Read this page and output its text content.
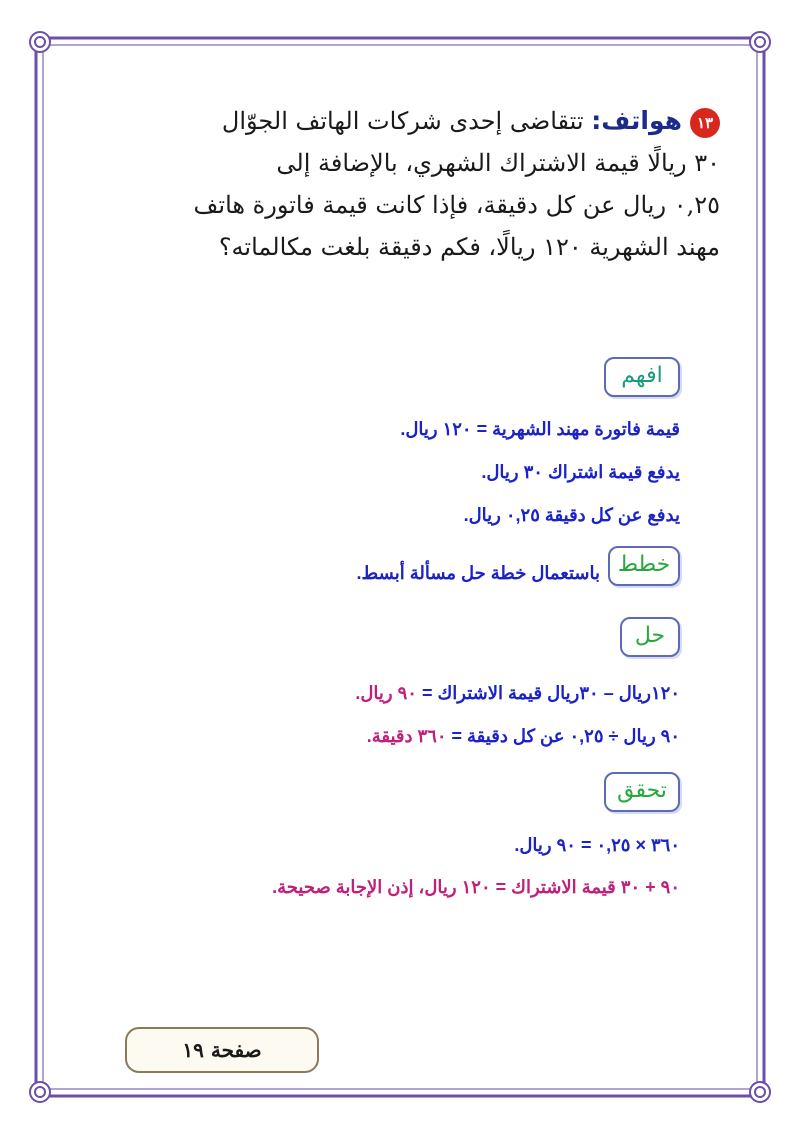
١٣هواتف: تتقاضى إحدى شركات الهاتف الجوّال
٣٠ ريالًا قيمة الاشتراك الشهري، بالإضافة إلى
٠,٢٥ ريال عن كل دقيقة، فإذا كانت قيمة فاتورة هاتف
مهند الشهرية ١٢٠ ريالًا، فكم دقيقة بلغت مكالماته؟
افهم
قيمة فاتورة مهند الشهرية = ١٢٠ ريال.
يدفع قيمة اشتراك ٣٠ ريال.
يدفع عن كل دقيقة ٠,٢٥ ريال.
خطط
باستعمال خطة حل مسألة أبسط.
حل
١٢٠ريال – ٣٠ريال قيمة الاشتراك = ٩٠ ريال.
٩٠ ريال ÷ ٠,٢٥ عن كل دقيقة = ٣٦٠ دقيقة.
تحقق
٣٦٠ × ٠,٢٥ = ٩٠ ريال.
٩٠ + ٣٠ قيمة الاشتراك = ١٢٠ ريال، إذن الإجابة صحيحة.
صفحة ١٩
